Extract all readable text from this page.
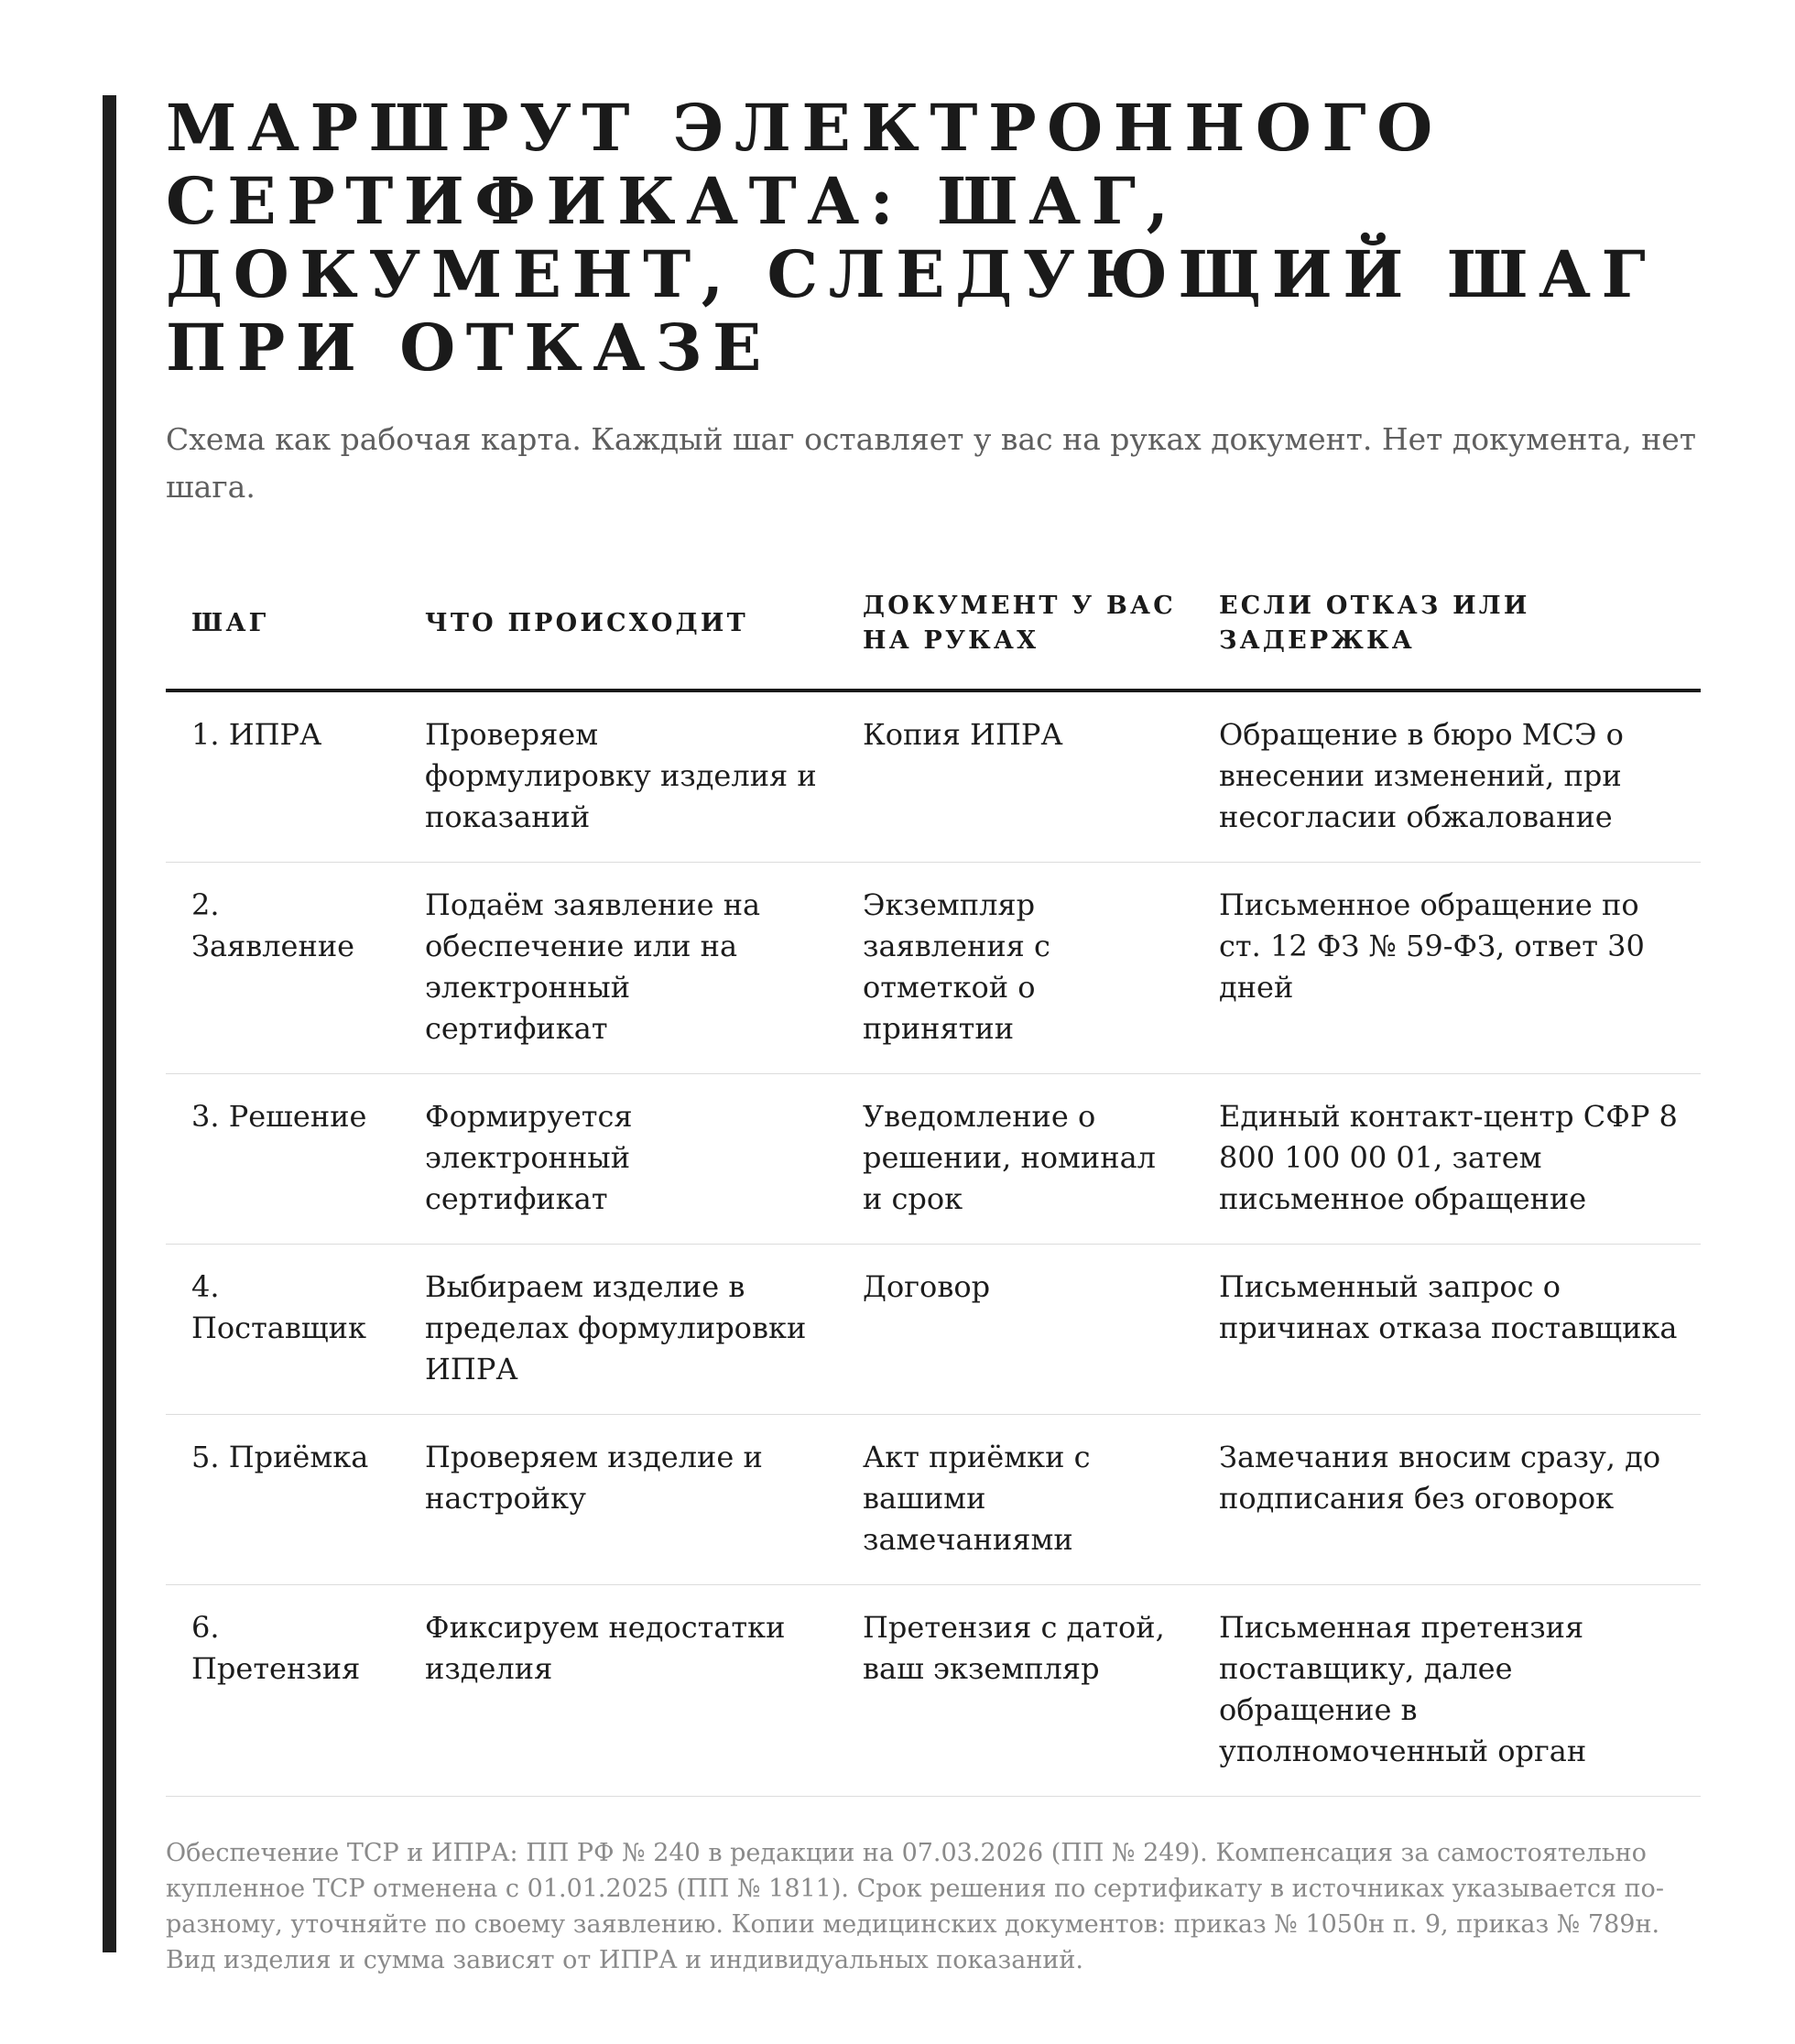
МАРШРУТ ЭЛЕКТРОННОГО СЕРТИФИКАТА: ШАГ, ДОКУМЕНТ, СЛЕДУЮЩИЙ ШАГ ПРИ ОТКАЗЕ

Схема как рабочая карта. Каждый шаг оставляет у вас на руках документ. Нет документа, нет шага.

ШАГ	ЧТО ПРОИСХОДИТ	ДОКУМЕНТ У ВАС НА РУКАХ	ЕСЛИ ОТКАЗ ИЛИ ЗАДЕРЖКА
1. ИПРА	Проверяем формулировку изделия и показаний	Копия ИПРА	Обращение в бюро МСЭ о внесении изменений, при несогласии обжалование
2. Заявление	Подаём заявление на обеспечение или на электронный сертификат	Экземпляр заявления с отметкой о принятии	Письменное обращение по ст. 12 ФЗ № 59-ФЗ, ответ 30 дней
3. Решение	Формируется электронный сертификат	Уведомление о решении, номинал и срок	Единый контакт-центр СФР 8 800 100 00 01, затем письменное обращение
4. Поставщик	Выбираем изделие в пределах формулировки ИПРА	Договор	Письменный запрос о причинах отказа поставщика
5. Приёмка	Проверяем изделие и настройку	Акт приёмки с вашими замечаниями	Замечания вносим сразу, до подписания без оговорок
6. Претензия	Фиксируем недостатки изделия	Претензия с датой, ваш экземпляр	Письменная претензия поставщику, далее обращение в уполномоченный орган

Обеспечение ТСР и ИПРА: ПП РФ № 240 в редакции на 07.03.2026 (ПП № 249). Компенсация за самостоятельно купленное ТСР отменена с 01.01.2025 (ПП № 1811). Срок решения по сертификату в источниках указывается по-разному, уточняйте по своему заявлению. Копии медицинских документов: приказ № 1050н п. 9, приказ № 789н. Вид изделия и сумма зависят от ИПРА и индивидуальных показаний.
